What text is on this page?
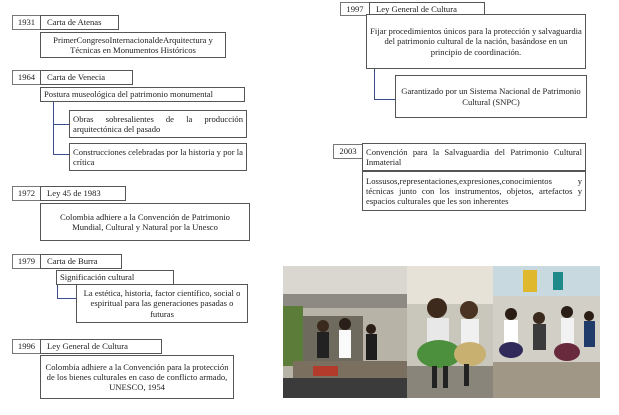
1931	Carta de Atenas
PrimerCongresoInternacionaldeArquitectura y Técnicas en Monumentos Históricos
1964	Carta de Venecia
Postura museológica del patrimonio monumental
Obras sobresalientes de la producción arquitectónica del pasado
Construcciones celebradas por la historia y por la crítica
1972	Ley 45 de 1983
Colombia adhiere a la Convención de Patrimonio Mundial, Cultural y Natural por la Unesco
1979	Carta de Burra
Significación cultural
La estética, historia, factor científico, social o espiritual para las generaciones pasadas o futuras
1996	Ley General de Cultura
Colombia adhiere a la Convención para la protección de los bienes culturales en caso de conflicto armado, UNESCO, 1954
1997	Ley General de Cultura
Fijar procedimientos únicos para la protección y salvaguardia del patrimonio cultural de la nación, basándose en un principio de coordinación.
Garantizado por un Sistema Nacional de Patrimonio Cultural (SNPC)
2003	Convención para la Salvaguardia del Patrimonio Cultural Inmaterial
Lossusos,representaciones,expresiones,conocimientos y técnicas junto con los instrumentos, objetos, artefactos y espacios culturales que les son inherentes
